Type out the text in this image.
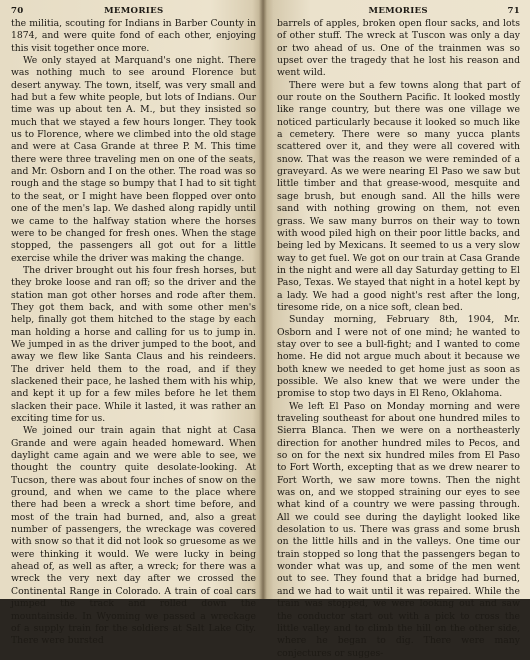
70	MEMORIES

the militia, scouting for Indians in Barber County in 1874, and were quite fond of each other, enjoying this visit together once more.

We only stayed at Marquand's one night. There was nothing much to see around Florence but desert anyway. The town, itself, was very small and had but a few white people, but lots of Indians. Our time was up about ten A. M., but they insisted so much that we stayed a few hours longer. They took us to Florence, where we climbed into the old stage and were at Casa Grande at three P. M. This time there were three traveling men on one of the seats, and Mr. Osborn and I on the other. The road was so rough and the stage so bumpy that I had to sit tight to the seat, or I might have been flopped over onto one of the men's lap. We dashed along rapidly until we came to the halfway station where the horses were to be changed for fresh ones. When the stage stopped, the passengers all got out for a little exercise while the driver was making the change.

The driver brought out his four fresh horses, but they broke loose and ran off; so the driver and the station man got other horses and rode after them. They got them back, and with some other men's help, finally got them hitched to the stage by each man holding a horse and calling for us to jump in. We jumped in as the driver jumped to the boot, and away we flew like Santa Claus and his reindeers. The driver held them to the road, and if they slackened their pace, he lashed them with his whip, and kept it up for a few miles before he let them slacken their pace. While it lasted, it was rather an exciting time for us.

We joined our train again that night at Casa Grande and were again headed homeward. When daylight came again and we were able to see, we thought the country quite desolate-looking. At Tucson, there was about four inches of snow on the ground, and when we came to the place where there had been a wreck a short time before, and most of the train had burned, and, also a great number of passengers, the wreckage was covered with snow so that it did not look so gruesome as we were thinking it would. We were lucky in being ahead of, as well as after, a wreck; for there was a wreck the very next day after we crossed the Continental Range in Colorado. A train of coal cars jumped the track and rolled down the mountainside. In Wyoming we passed a wreckage of a supply train for the soldiers at Salt Lake City. There were bursted

MEMORIES	71

barrels of apples, broken open flour sacks, and lots of other stuff. The wreck at Tuscon was only a day or two ahead of us. One of the trainmen was so upset over the tragedy that he lost his reason and went wild.

There were but a few towns along that part of our route on the Southern Pacific. It looked mostly like range country, but there was one village we noticed particularly because it looked so much like a cemetery. There were so many yucca plants scattered over it, and they were all covered with snow. That was the reason we were reminded of a graveyard. As we were nearing El Paso we saw but little timber and that grease-wood, mesquite and sage brush, but enough sand. All the hills were sand with nothing growing on them, not even grass. We saw many burros on their way to town with wood piled high on their poor little backs, and being led by Mexicans. It seemed to us a very slow way to get fuel. We got on our train at Casa Grande in the night and were all day Saturday getting to El Paso, Texas. We stayed that night in a hotel kept by a lady. We had a good night's rest after the long, tiresome ride, on a nice soft, clean bed.

Sunday morning, February 8th, 1904, Mr. Osborn and I were not of one mind; he wanted to stay over to see a bull-fight; and I wanted to come home. He did not argue much about it because we both knew we needed to get home just as soon as possible. We also knew that we were under the promise to stop two days in El Reno, Oklahoma.

We left El Paso on Monday morning and were traveling southeast for about one hundred miles to Sierra Blanca. Then we were on a northeasterly direction for another hundred miles to Pecos, and so on for the next six hundred miles from El Paso to Fort Worth, excepting that as we drew nearer to Fort Worth, we saw more towns. Then the night was on, and we stopped straining our eyes to see what kind of a country we were passing through. All we could see during the daylight looked like desolation to us. There was grass and some brush on the little hills and in the valleys. One time our train stopped so long that the passengers began to wonder what was up, and some of the men went out to see. They found that a bridge had burned, and we had to wait until it was repaired. While the train was stopped, we were looking out and saw the conductor start out with a pick to cross the little valley and to climb the hill on the other side, where he began to dig. There were many conjectures or sugges-
